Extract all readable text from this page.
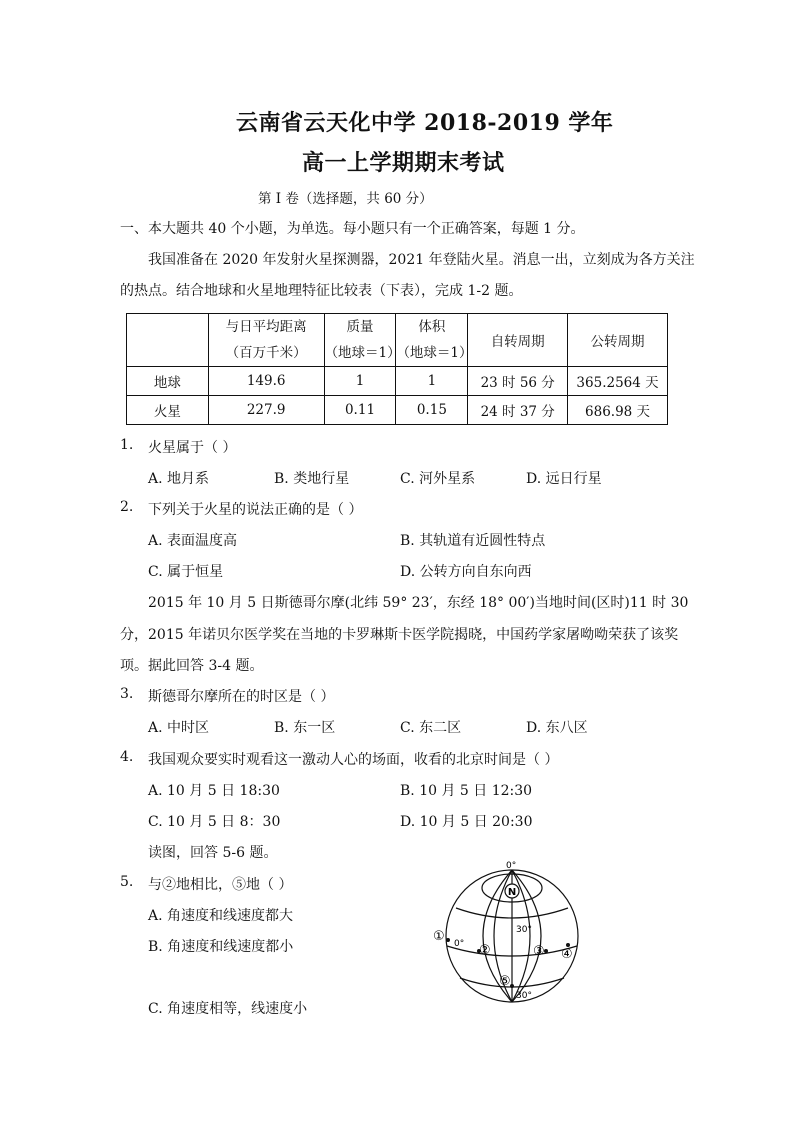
云南省云天化中学 2018-2019 学年
高一上学期期末考试
第 I 卷（选择题，共 60 分）
一、本大题共 40 个小题，为单选。每小题只有一个正确答案，每题 1 分。
我国准备在 2020 年发射火星探测器，2021 年登陆火星。消息一出，立刻成为各方关注
的热点。结合地球和火星地理特征比较表（下表），完成 1-2 题。
	与日平均距离
（百万千米）	质量
（地球＝1）	体积
（地球＝1）	自转周期	公转周期
地球	149.6	1	1	23 时 56 分	365.2564 天
火星	227.9	0.11	0.15	24 时 37 分	686.98 天
1. 火星属于（ ）
A. 地月系	B. 类地行星	C. 河外星系	D. 远日行星
2. 下列关于火星的说法正确的是（ ）
A. 表面温度高	B. 其轨道有近圆性特点
C. 属于恒星	D. 公转方向自东向西
2015 年 10 月 5 日斯德哥尔摩(北纬 59° 23′，东经 18° 00′)当地时间(区时)11 时 30
分，2015 年诺贝尔医学奖在当地的卡罗琳斯卡医学院揭晓，中国药学家屠呦呦荣获了该奖
项。据此回答 3-4 题。
3. 斯德哥尔摩所在的时区是（ ）
A. 中时区	B. 东一区	C. 东二区	D. 东八区
4. 我国观众要实时观看这一激动人心的场面，收看的北京时间是（ ）
A. 10 月 5 日 18:30	B. 10 月 5 日 12:30
C. 10 月 5 日 8：30	D. 10 月 5 日 20:30
读图，回答 5-6 题。
5. 与②地相比，⑤地（ ）
A. 角速度和线速度都大
B. 角速度和线速度都小
C. 角速度相等，线速度小
N
0°
0°
30°
30°
①
②	③ ④
⑤
